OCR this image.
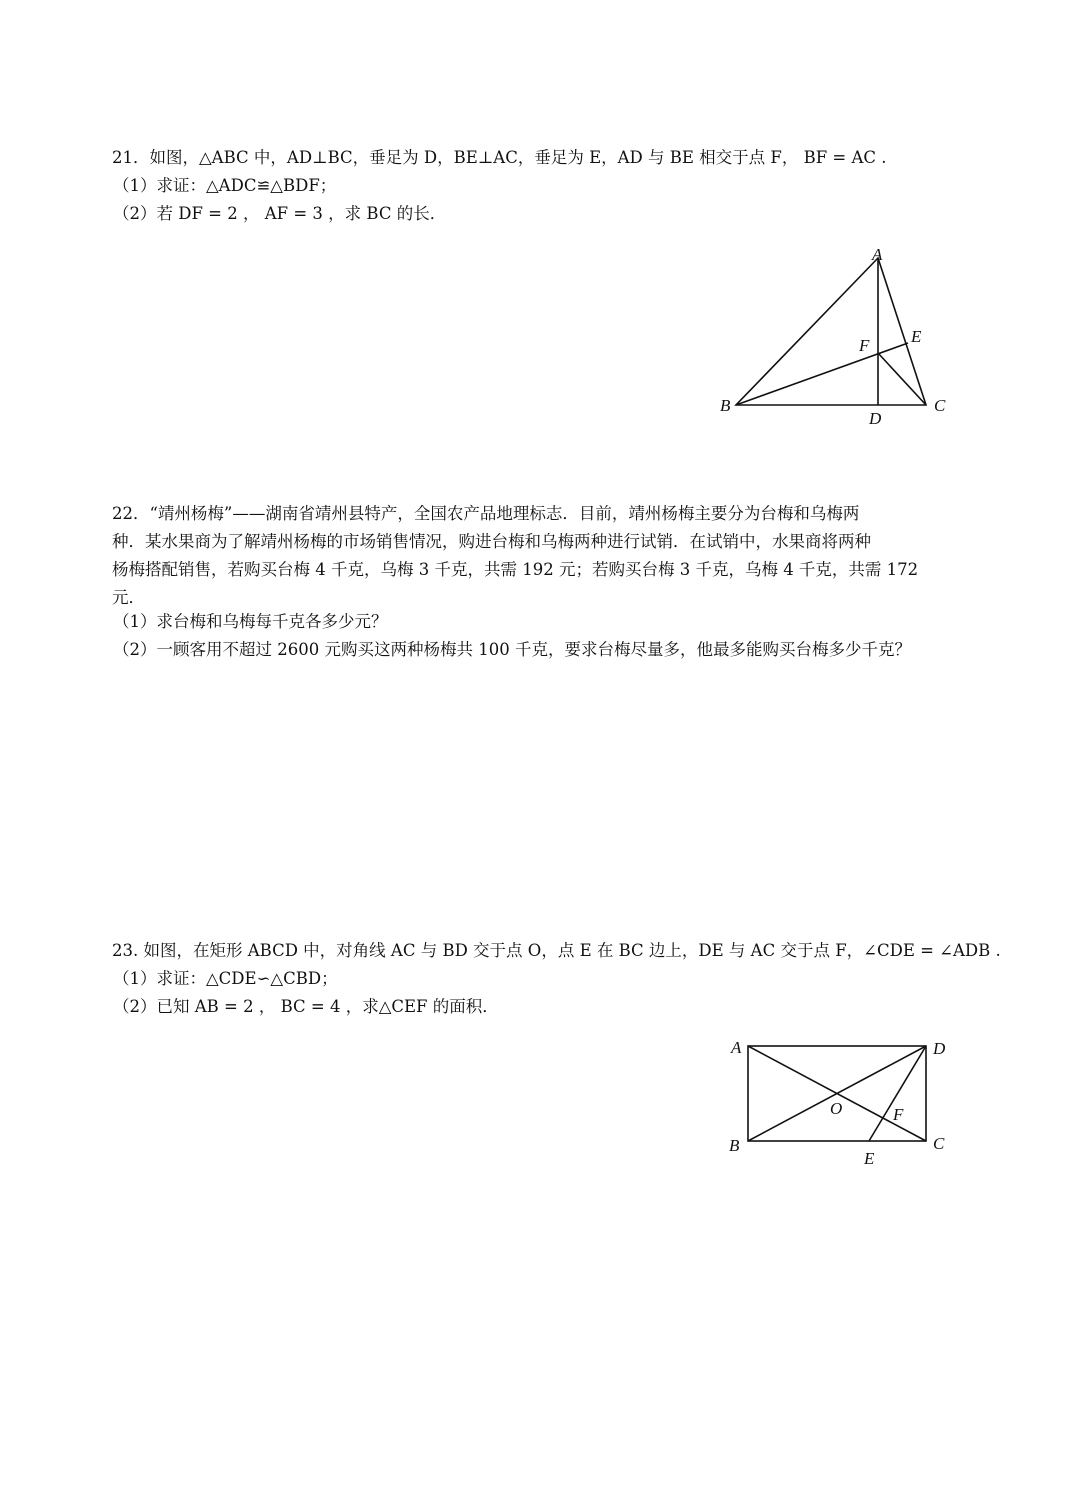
21．如图，△ABC 中，AD⊥BC，垂足为 D，BE⊥AC，垂足为 E，AD 与 BE 相交于点 F， BF = AC .
（1）求证：△ADC≌△BDF；
（2）若 DF = 2 ， AF = 3 ，求 BC 的长．
A
B	C
D
E
F
22．“靖州杨梅”——湖南省靖州县特产，全国农产品地理标志．目前，靖州杨梅主要分为台梅和乌梅两
种．某水果商为了解靖州杨梅的市场销售情况，购进台梅和乌梅两种进行试销．在试销中，水果商将两种
杨梅搭配销售，若购买台梅 4 千克，乌梅 3 千克，共需 192 元；若购买台梅 3 千克，乌梅 4 千克，共需 172
元．
（1）求台梅和乌梅每千克各多少元？
（2）一顾客用不超过 2600 元购买这两种杨梅共 100 千克，要求台梅尽量多，他最多能购买台梅多少千克？
23. 如图，在矩形 ABCD 中，对角线 AC 与 BD 交于点 O，点 E 在 BC 边上，DE 与 AC 交于点 F，∠CDE = ∠ADB .
（1）求证：△CDE∽△CBD；
（2）已知 AB = 2 ， BC = 4 ，求△CEF 的面积．
A
B	C
D
E
F
O
